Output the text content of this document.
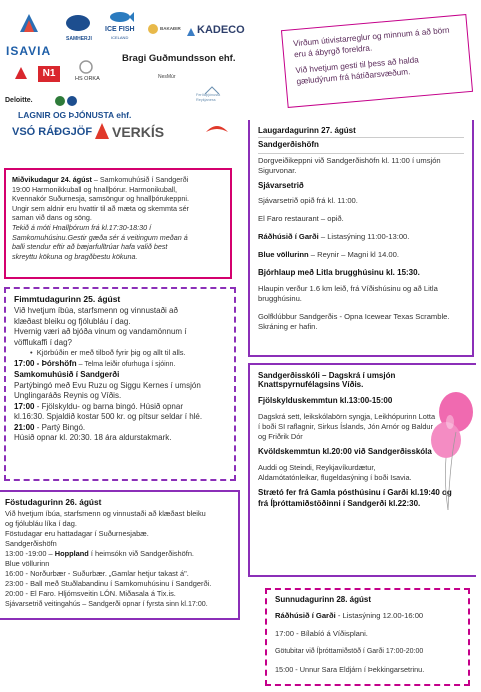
ISAVIA
SAMHERJI
ICE FISH
ICELAND
BAKAÐIR KADECO
N1	HS ORKA
Bragi Guðmundsson ehf.
NesMúr
Ferðaþjónusta Reykjaness
Deloitte.
LAGNIR OG ÞJÓNUSTA ehf.
VSÓ RÁÐGJÖF VERKÍS

Virðum útivistarreglur og minnum á að börn eru á ábyrgð foreldra.

Við hvetjum gesti til þess að halda gæludýrum frá hátíðarsvæðum.

Miðvikudagur 24. ágúst – Samkomuhúsið í Sandgerði

19:00 Harmonikkuball og hnallþórur. Harmonikuball,

Kvennakór Suðurnesja, samsöngur og hnallþórukeppni.

Ungir sem aldnir eru hvattir til að mæta og skemmta sér

saman við dans og söng.

Tekið á móti Hnallþórum frá kl.17:30-18:30 í

Samkomuhúsinu.Gestir gæða sér á veitingum meðan á

balli stendur eftir að bæjarfulltrúar hafa valið best

skreyttu kökuna og bragðbestu kökuna.

Fimmtudagurinn 25. ágúst

Við hvetjum íbúa, starfsmenn og vinnustaði að

klæðast bleiku og fjólubláu í dag.

Hvernig væri að bjóða vinum og vandamönnum í

vöfflukaffi í dag?

•  Kjörbúðin er með tilboð fyrir þig og allt til alls.

17:00 - Þórshöfn – Telma leiðir ofurhuga í sjóinn.

Samkomuhúsið í Sandgerði

Partýbingó með Evu Ruzu og Siggu Kernes í umsjón

Unglingaráðs Reynis og Víðis.

17:00 - Fjölskyldu- og barna bingó. Húsið opnar

kl.16:30. Spjaldið kostar 500 kr. og pítsur seldar í hlé.

21:00 - Partý Bingó.

Húsið opnar kl. 20:30. 18 ára aldurstakmark.

Föstudagurinn 26. ágúst

Við hvetjum íbúa, starfsmenn og vinnustaði að klæðast bleiku

og fjólubláu líka í dag.

Föstudagar eru hattadagar í Suðurnesjabæ.

Sandgerðishöfn

13:00 -19:00 – Hoppland í heimsókn við Sandgerðishöfn.

Blue völlurinn

16:00 - Norðurbær - Suðurbær. „Gamlar hetjur takast á".

23:00 - Ball með Stuðlabandinu í Samkomuhúsinu í Sandgerði.

20:00 - El Faro. Hljómsveitin LÓN. Miðasala á Tix.is.

Sjávarsetrið veitingahús – Sandgerði opnar í fyrsta sinn kl.17:00.

Laugardagurinn 27. ágúst

Sandgerðishöfn

Dorgveiðikeppni við Sandgerðishöfn kl. 11:00 í umsjón Sigurvonar.

Sjávarsetrið

Sjávarsetrið opið frá kl. 11:00.

El Faro restaurant – opið.

Ráðhúsið í Garði – Listasýning 11:00-13:00.

Blue völlurinn – Reynir – Magni kl 14.00.

Bjórhlaup með Litla brugghúsinu kl. 15:30.

Hlaupin verður 1.6 km leið, frá Víðishúsinu og að Litla brugghúsinu.

Golfklúbbur Sandgerðis - Opna Icewear Texas Scramble. Skráning er hafin.

Sandgerðisskóli – Dagskrá í umsjón

Knattspyrnufélagsins Víðis.

Fjölskylduskemmtun kl.13:00-15:00

Dagskrá sett, leikskólabörn syngja, Leikhópurinn Lotta í boði SI raflagnir, Sirkus Íslands, Jón Arnór og Baldur og Friðrik Dór

Kvöldskemmtun kl.20:00 við Sandgerðisskóla

Auddi og Steindi, Reykjavíkurdætur, Aldamótatónleikar, flugeldasýning í boði Isavia.

Strætó fer frá Gamla pósthúsinu í Garði kl.19:40 og frá Íþróttamiðstöðinni í Sandgerði kl.22:30.

Sunnudagurinn 28. ágúst

Ráðhúsið í Garði - Listasýning 12.00-16:00

17:00 - Bílabíó á Víðisplani.

Götubitar við Íþróttamiðstöð í Garði 17:00-20:00

15:00 - Unnur Sara Eldjárn í Þekkingarsetrinu.
